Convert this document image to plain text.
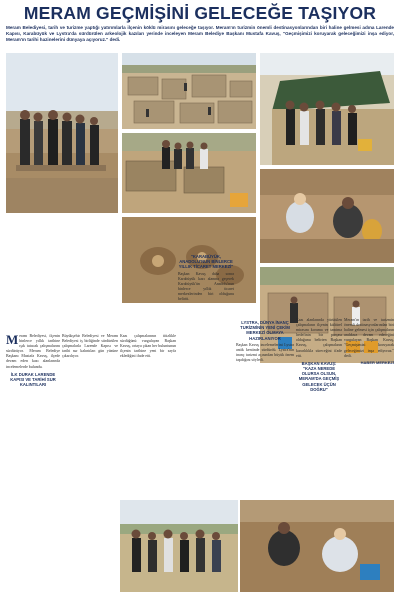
MERAM GEÇMİŞİNİ GELECEĞE TAŞIYOR
Meram Belediyesi, tarih ve turizme yaptığı yatırımlarla ilçenin köklü mirasını geleceğe taşıyor. Meram'ın turizmin önemli destinasyonlarından biri haline gelmesi adına Larende Kapısı, Karabüyük ve Lystra'da sürdürülen arkeolojik kazıları yerinde inceleyen Meram Belediye Başkanı Mustafa Kavuş, "Geçmişimizi koruyarak geleceğimizi inşa ediyor, Meram'ın tarihi hazinelerini dünyaya açıyoruz." dedi.

Meram Belediyesi, ilçenin binlerce yıllık tarihine ışık tutacak çalışmalarını sürdürüyor. Meram Belediye Başkanı Mustafa Kavuş, ilçede devam eden kazı alanlarında incelemelerde bulundu.

İLK DURAK LARENDE KAPISI VE TARİHİ SUR KALINTILARI

Büyükşehir Belediyesi ve Meram Belediyesi iş birliğinde sürdürülen çalışmalarla Larende Kapısı ve tarihi sur kalıntıları gün yüzüne çıkarılıyor.

Kazı çalışmalarının titizlikle sürdüğünü vurgulayan Başkan Kavuş, ortaya çıkan her buluntunun ilçenin tarihine yeni bir sayfa eklediğini ifade etti.

"KARABÜYÜK, ANADOLU'NUN BİNLERCE YILLIK TİCARET MERKEZİ"

Başkan Kavuş daha sonra Karabüyük kazı alanına geçerek Karabüyük'ün Anadolu'nun binlerce yıllık ticaret merkezlerinden biri olduğunu belirtti.

LYSTRA, DÜNYA İNANÇ TURİZMİNİN YENİ ÇEKİM MERKEZİ OLMAYA HAZIRLANIYOR

Başkan Kavuş incelemelerini Lystra antik kentinde sürdürdü. Lystra'nın inanç turizmi açısından büyük önem taşıdığını söyledi.

Kazı alanlarında yürütülen çalışmaların ilçenin kültürel mirasını koruma ve tanıtma hedefinin bir parçası olduğunu belirten Başkan Kavuş, çalışmaların kararlılıkla süreceğini ifade etti.

BAŞKAN KAVUŞ: "KAZA NEREDE OLURSA OLSUN, MERAM'DA GEÇMİŞ GELECEK ÜÇÜN DOĞRU"

Meram'ın tarih ve turizmin önemli destinasyonlarından biri haline gelmesi için çalışmaların aralıksız devam edeceğini vurgulayan Başkan Kavuş, "Geçmişimizi koruyarak geleceğimizi inşa ediyoruz." dedi.

HABER MERKEZİ
